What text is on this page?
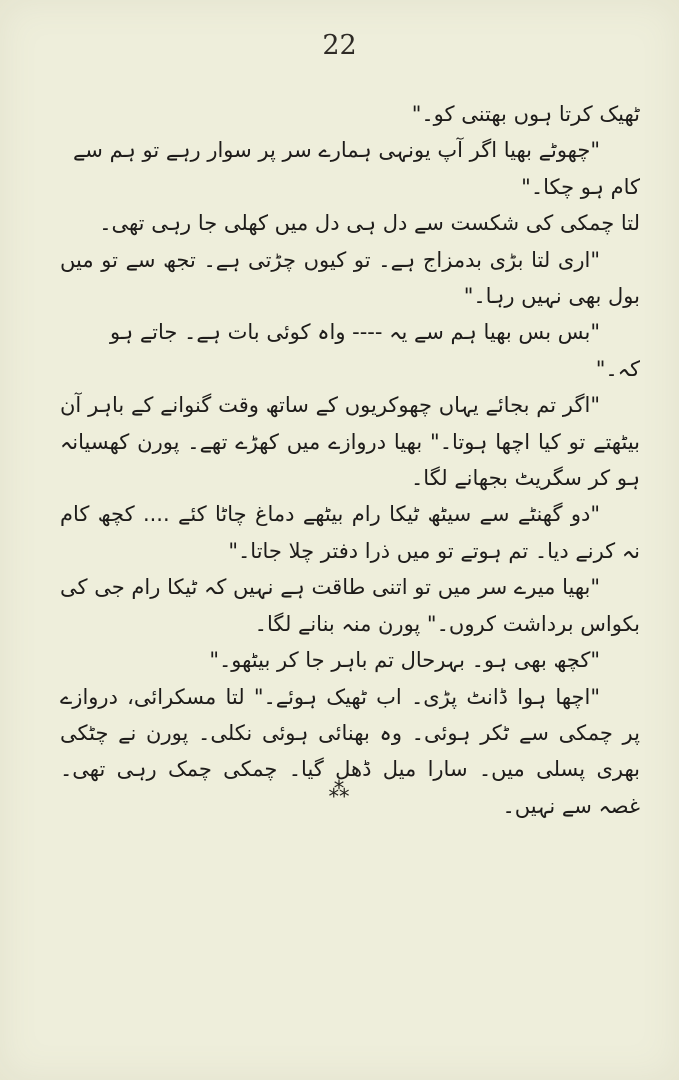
22

ٹھیک کرتا ہوں بھتنی کو۔"

"چھوٹے بھیا اگر آپ یونہی ہمارے سر پر سوار رہے تو ہم سے کام ہو چکا۔"

لتا چمکی کی شکست سے دل ہی دل میں کھلی جا رہی تھی۔

"اری لتا بڑی بدمزاج ہے۔ تو کیوں چڑتی ہے۔ تجھ سے تو میں بول بھی نہیں رہا۔"

"بس بس بھیا ہم سے یہ ---- واہ کوئی بات ہے۔ جاتے ہو کہ۔"

"اگر تم بجائے یہاں چھوکریوں کے ساتھ وقت گنوانے کے باہر آن بیٹھتے تو کیا اچھا ہوتا۔" بھیا دروازے میں کھڑے تھے۔ پورن کھسیانہ ہو کر سگریٹ بجھانے لگا۔

"دو گھنٹے سے سیٹھ ٹیکا رام بیٹھے دماغ چاٹا کئے .... کچھ کام نہ کرنے دیا۔ تم ہوتے تو میں ذرا دفتر چلا جاتا۔"

"بھیا میرے سر میں تو اتنی طاقت ہے نہیں کہ ٹیکا رام جی کی بکواس برداشت کروں۔" پورن منہ بنانے لگا۔

"کچھ بھی ہو۔ بہرحال تم باہر جا کر بیٹھو۔"

"اچھا ہوا ڈانٹ پڑی۔ اب ٹھیک ہوئے۔" لتا مسکرائی، دروازے پر چمکی سے ٹکر ہوئی۔ وہ بھنائی ہوئی نکلی۔ پورن نے چٹکی بھری پسلی میں۔ سارا میل ڈھل گیا۔ چمکی چمک رہی تھی۔ غصہ سے نہیں۔

⁂
